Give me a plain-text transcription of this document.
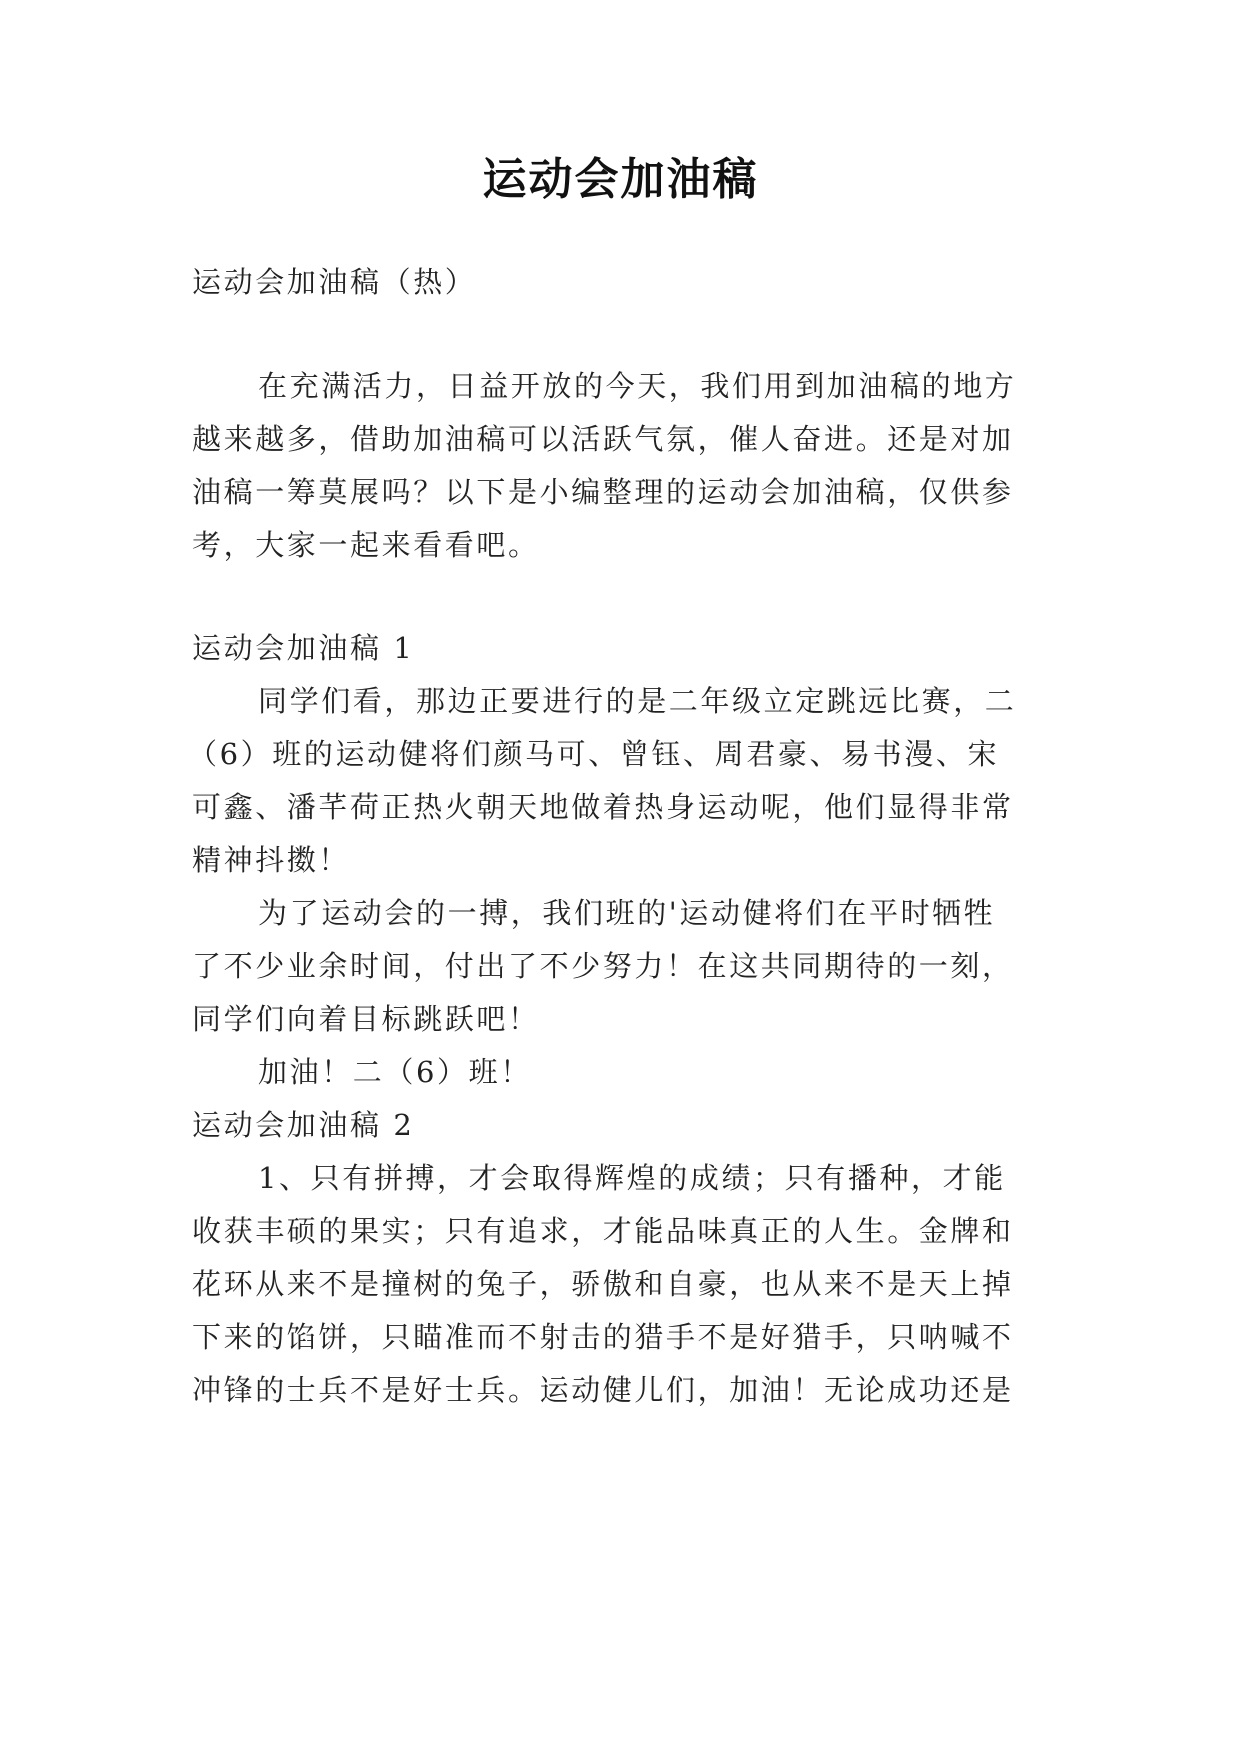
运动会加油稿
运动会加油稿（热）
在充满活力，日益开放的今天，我们用到加油稿的地方
越来越多，借助加油稿可以活跃气氛，催人奋进。还是对加
油稿一筹莫展吗？以下是小编整理的运动会加油稿，仅供参
考，大家一起来看看吧。
运动会加油稿 1
同学们看，那边正要进行的是二年级立定跳远比赛，二
（6）班的运动健将们颜马可、曾钰、周君豪、易书漫、宋
可鑫、潘芊荷正热火朝天地做着热身运动呢，他们显得非常
精神抖擞！
为了运动会的一搏，我们班的'运动健将们在平时牺牲
了不少业余时间，付出了不少努力！在这共同期待的一刻，
同学们向着目标跳跃吧！
加油！二（6）班！
运动会加油稿 2
1、只有拼搏，才会取得辉煌的成绩；只有播种，才能
收获丰硕的果实；只有追求，才能品味真正的人生。金牌和
花环从来不是撞树的兔子，骄傲和自豪，也从来不是天上掉
下来的馅饼，只瞄准而不射击的猎手不是好猎手，只呐喊不
冲锋的士兵不是好士兵。运动健儿们，加油！无论成功还是
